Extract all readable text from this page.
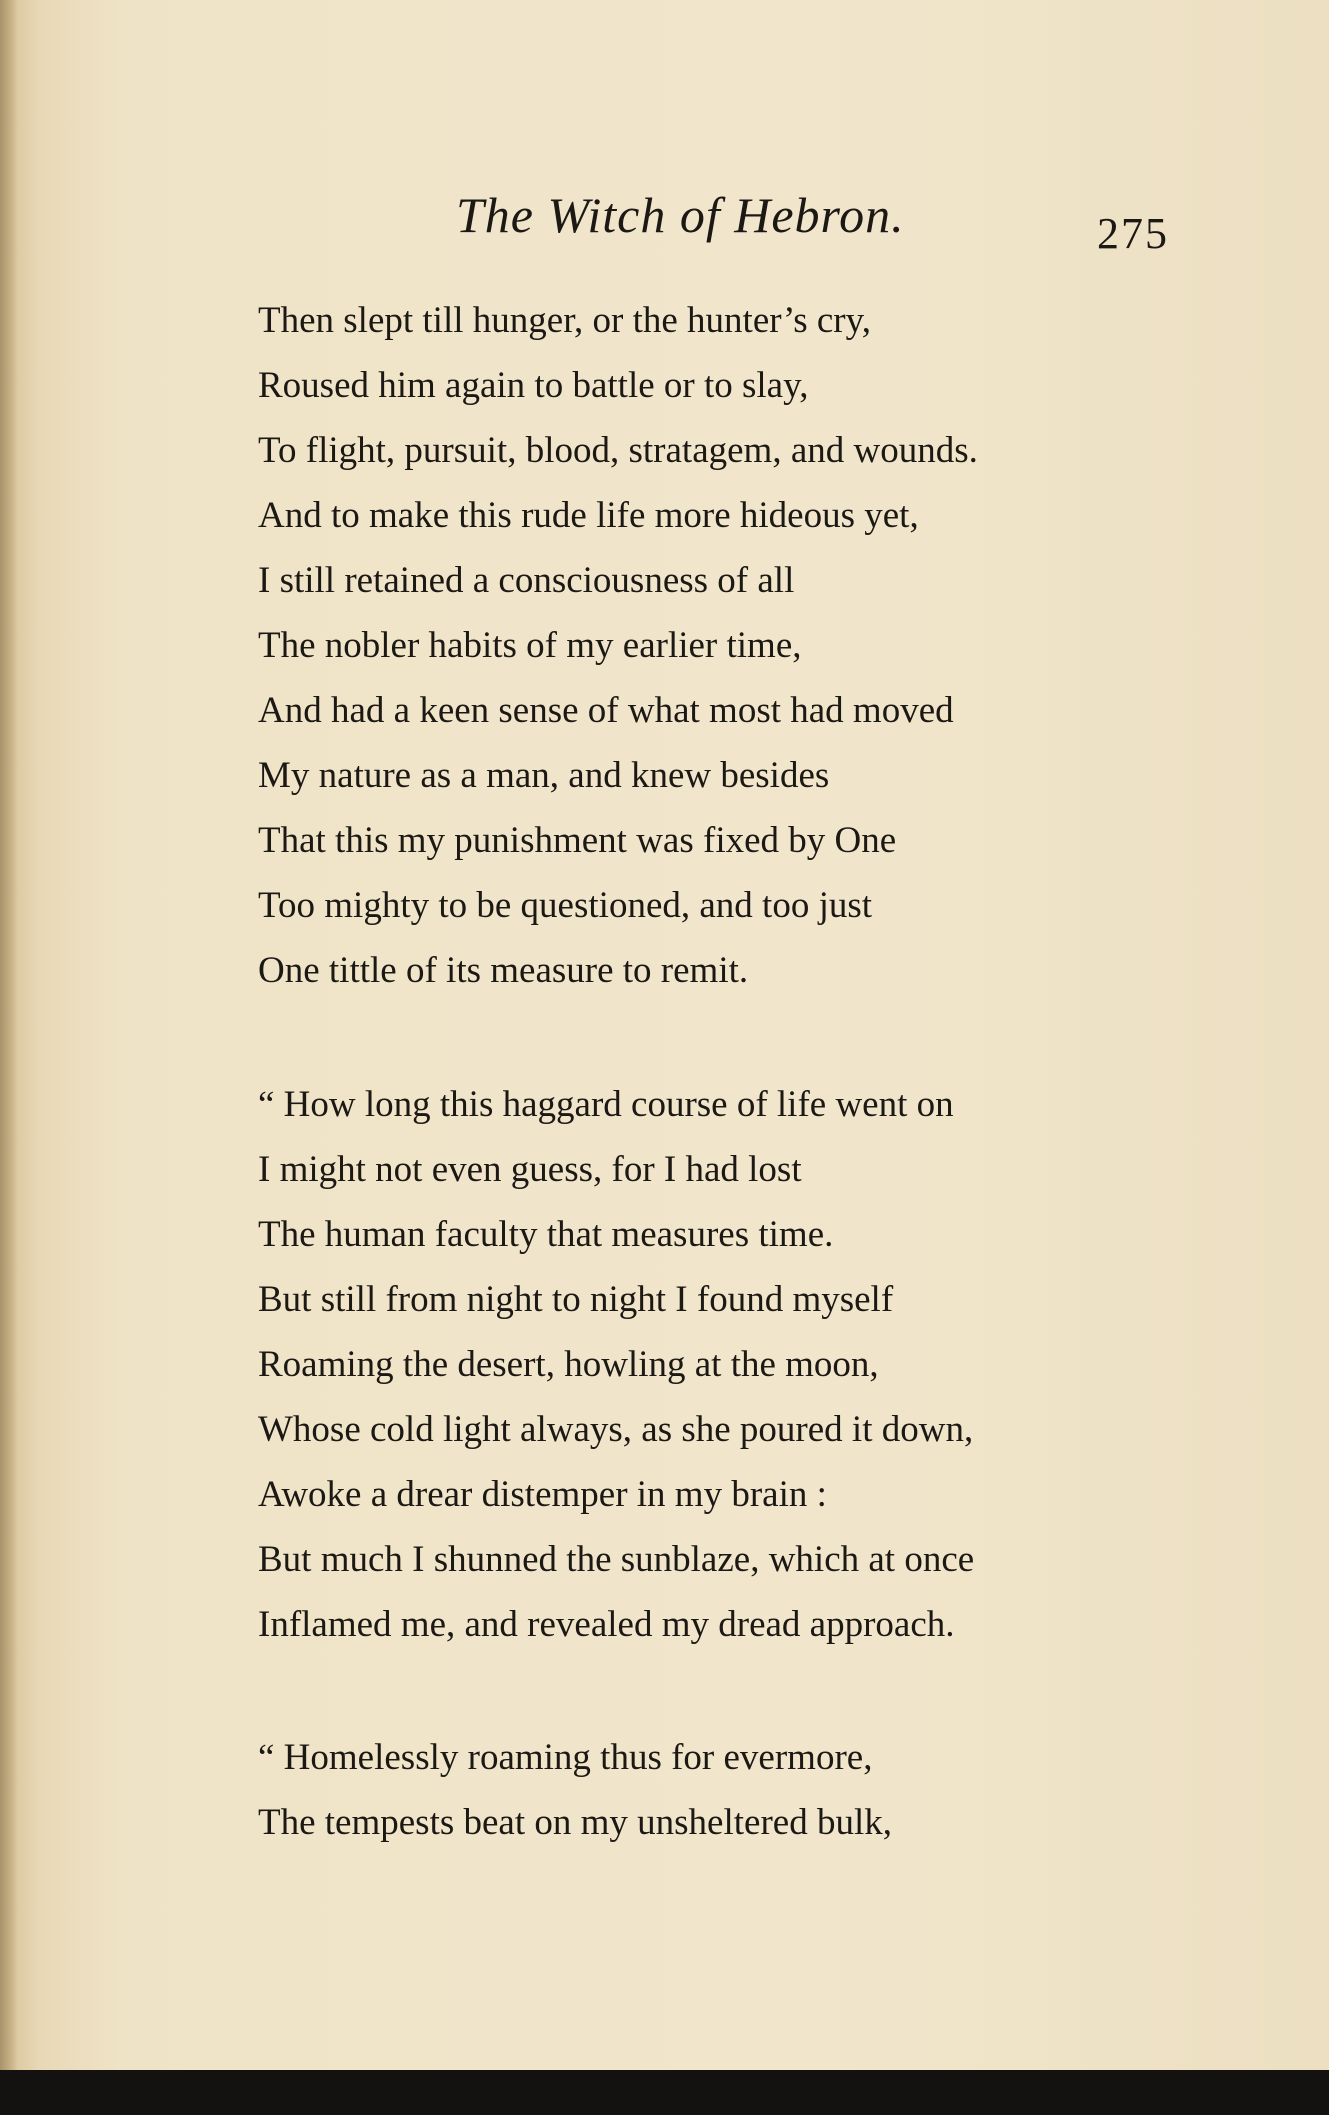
The Witch of Hebron.	275
Then slept till hunger, or the hunter’s cry,
Roused him again to battle or to slay,
To flight, pursuit, blood, stratagem, and wounds.
And to make this rude life more hideous yet,
I still retained a consciousness of all
The nobler habits of my earlier time,
And had a keen sense of what most had moved
My nature as a man, and knew besides
That this my punishment was fixed by One
Too mighty to be questioned, and too just
One tittle of its measure to remit.
“ How long this haggard course of life went on
I might not even guess, for I had lost
The human faculty that measures time.
But still from night to night I found myself
Roaming the desert, howling at the moon,
Whose cold light always, as she poured it down,
Awoke a drear distemper in my brain :
But much I shunned the sunblaze, which at once
Inflamed me, and revealed my dread approach.
“ Homelessly roaming thus for evermore,
The tempests beat on my unsheltered bulk,
